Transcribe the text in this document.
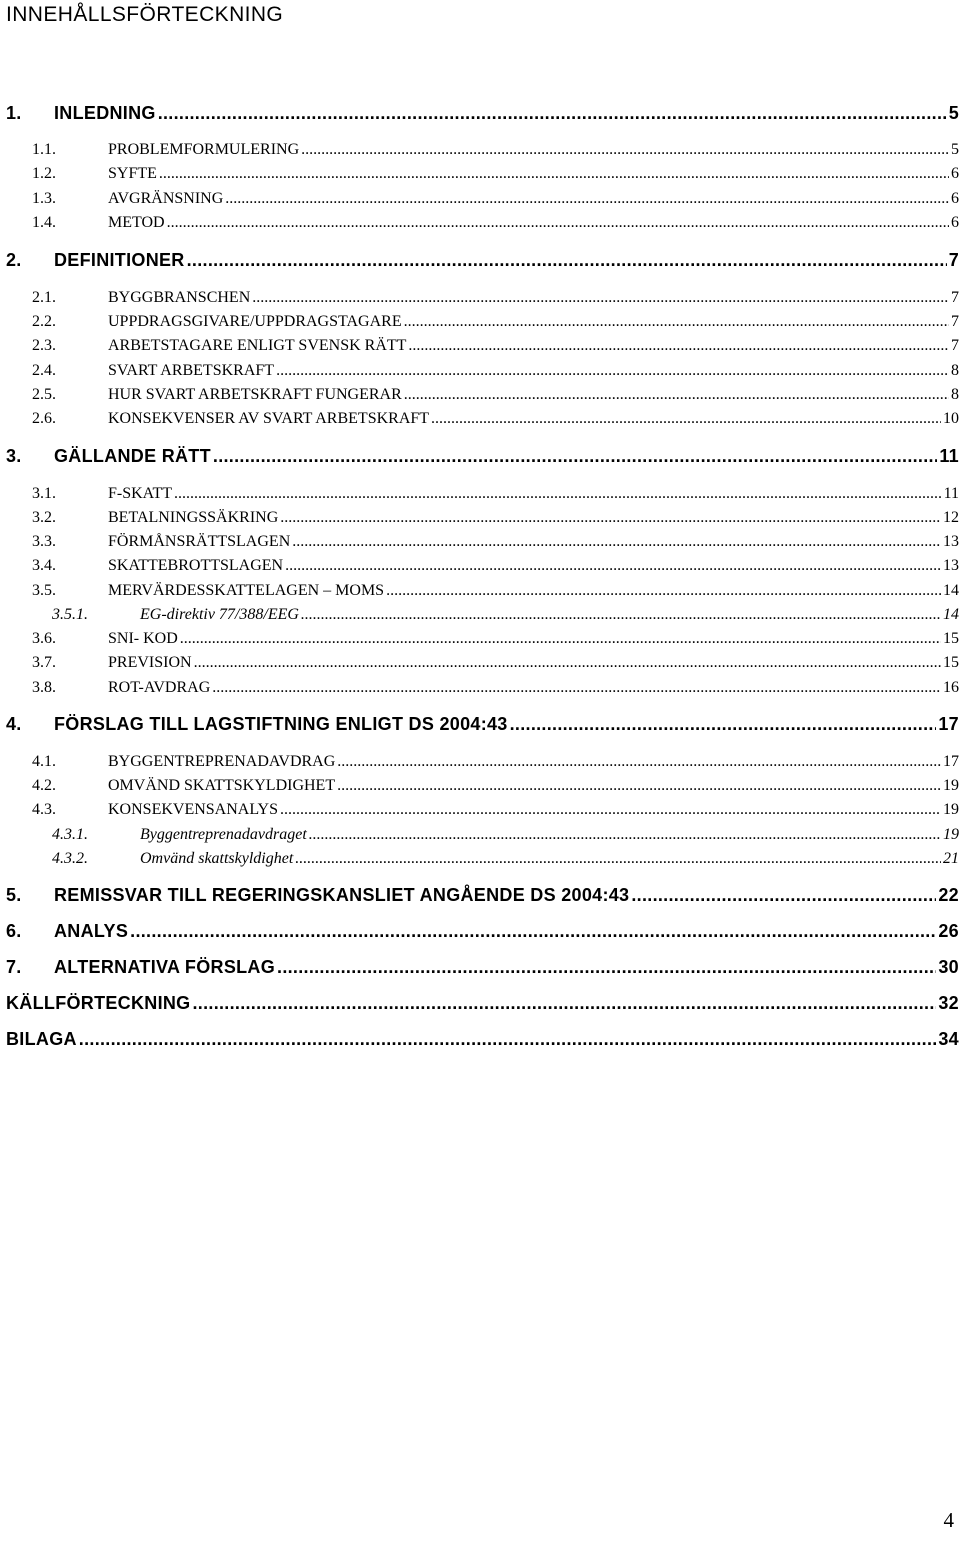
INNEHÅLLSFÖRTECKNING
1.	INLEDNING .....	5
1.1.	PROBLEMFORMULERING .....	5
1.2.	SYFTE .....	6
1.3.	AVGRÄNSNING .....	6
1.4.	METOD .....	6
2.	DEFINITIONER .....	7
2.1.	BYGGBRANSCHEN .....	7
2.2.	UPPDRAGSGIVARE/UPPDRAGSTAGARE .....	7
2.3.	ARBETSTAGARE ENLIGT SVENSK RÄTT .....	7
2.4.	SVART ARBETSKRAFT .....	8
2.5.	HUR SVART ARBETSKRAFT FUNGERAR .....	8
2.6.	KONSEKVENSER AV SVART ARBETSKRAFT .....	10
3.	GÄLLANDE RÄTT .....	11
3.1.	F-SKATT .....	11
3.2.	BETALNINGSSÄKRING .....	12
3.3.	FÖRMÅNSRÄTTSLAGEN .....	13
3.4.	SKATTEBROTTSLAGEN .....	13
3.5.	MERVÄRDESSKATTELAGEN – MOMS .....	14
3.5.1.	EG-direktiv 77/388/EEG .....	14
3.6.	SNI- KOD .....	15
3.7.	PREVISION .....	15
3.8.	ROT-AVDRAG .....	16
4.	FÖRSLAG TILL LAGSTIFTNING ENLIGT DS 2004:43 .....	17
4.1.	BYGGENTREPRENADAVDRAG .....	17
4.2.	OMVÄND SKATTSKYLDIGHET .....	19
4.3.	KONSEKVENSANALYS .....	19
4.3.1.	Byggentreprenadavdraget .....	19
4.3.2.	Omvänd skattskyldighet .....	21
5.	REMISSVAR TILL REGERINGSKANSLIET ANGÅENDE DS 2004:43 .....	22
6.	ANALYS .....	26
7.	ALTERNATIVA FÖRSLAG .....	30
KÄLLFÖRTECKNING .....	32
BILAGA .....	34
4
